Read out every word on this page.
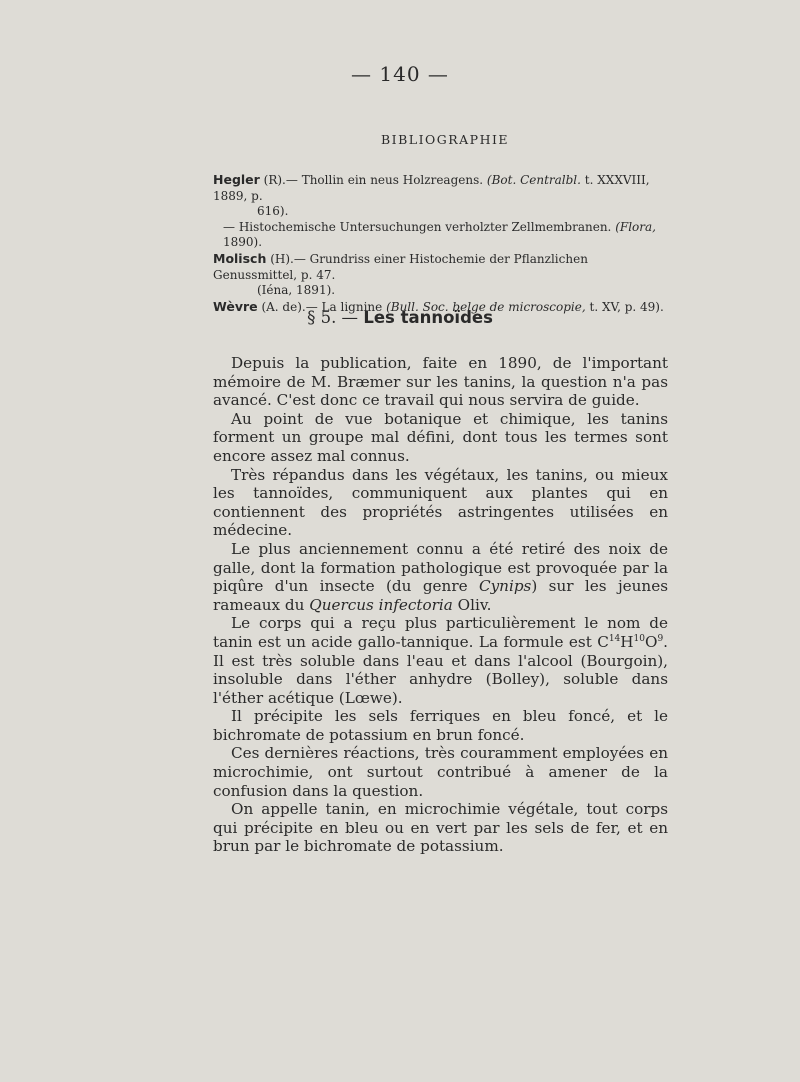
— 140 —
BIBLIOGRAPHIE

Hegler (R).— Thollin ein neus Holzreagens. (Bot. Centralbl. t. XXXVIII, 1889, p.
616).

— Histochemische Untersuchungen verholzter Zellmembranen. (Flora, 1890).

Molisch (H).— Grundriss einer Histochemie der Pflanzlichen Genussmittel, p. 47.
(Iéna, 1891).

Wèvre (A. de).— La lignine (Bull. Soc. belge de microscopie, t. XV, p. 49).

§ 5. — Les tannoïdes

Depuis la publication, faite en 1890, de l'important mémoire de M. Bræmer sur les tanins, la question n'a pas avancé. C'est donc ce travail qui nous servira de guide.

Au point de vue botanique et chimique, les tanins forment un groupe mal défini, dont tous les termes sont encore assez mal connus.

Très répandus dans les végétaux, les tanins, ou mieux les tannoïdes, communiquent aux plantes qui en contiennent des propriétés astringentes utilisées en médecine.

Le plus anciennement connu a été retiré des noix de galle, dont la formation pathologique est provoquée par la piqûre d'un insecte (du genre Cynips) sur les jeunes rameaux du Quercus infectoria Oliv.

Le corps qui a reçu plus particulièrement le nom de tanin est un acide gallo-tannique. La formule est $C^{14}H^{10}O^9$. Il est très soluble dans l'eau et dans l'alcool (Bourgoin), insoluble dans l'éther anhydre (Bolley), soluble dans l'éther acétique (Lœwe).

Il précipite les sels ferriques en bleu foncé, et le bichromate de potassium en brun foncé.

Ces dernières réactions, très couramment employées en microchimie, ont surtout contribué à amener de la confusion dans la question.

On appelle tanin, en microchimie végétale, tout corps qui précipite en bleu ou en vert par les sels de fer, et en brun par le bichromate de potassium.
